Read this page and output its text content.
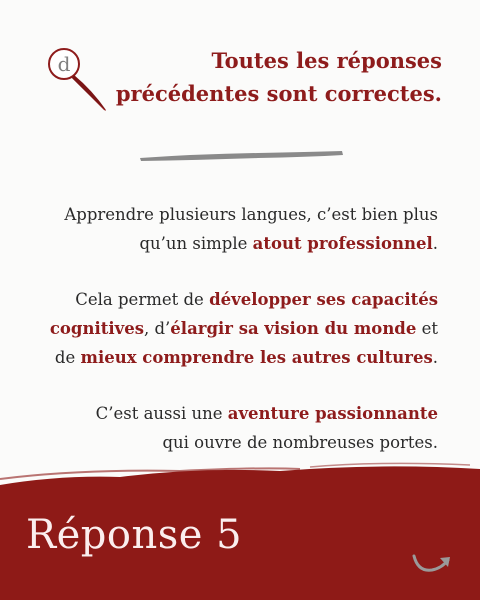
d	Toutes les réponses
précédentes sont correctes.

Apprendre plusieurs langues, c’est bien plus
qu’un simple atout professionnel.

Cela permet de développer ses capacités
cognitives, d’élargir sa vision du monde et
de mieux comprendre les autres cultures.

C’est aussi une aventure passionnante
qui ouvre de nombreuses portes.

Réponse 5
